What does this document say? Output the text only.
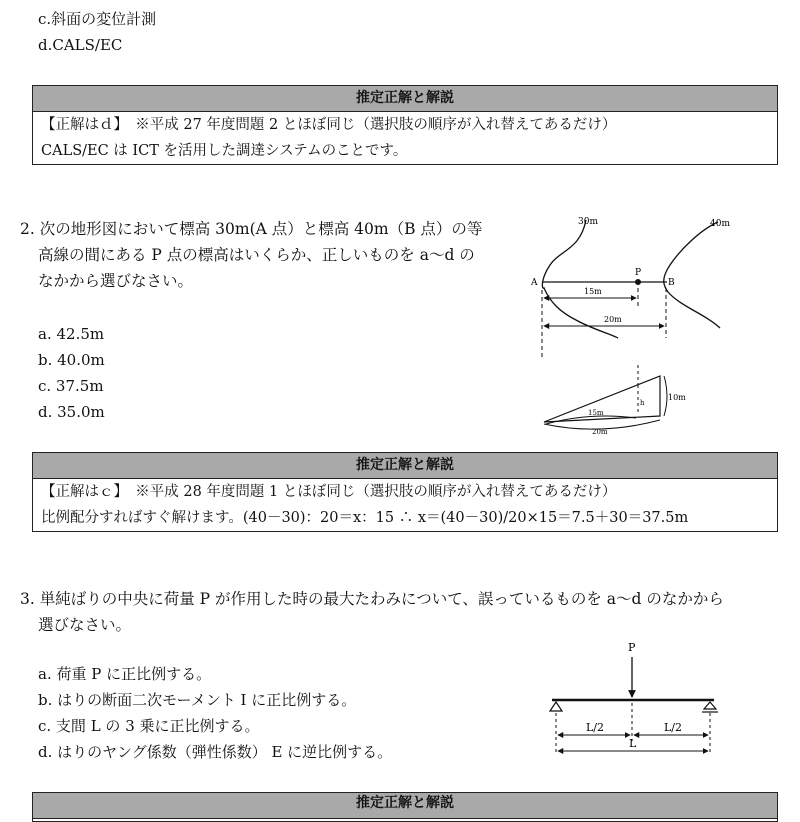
c.斜面の変位計測
d.CALS/EC
推定正解と解説
【正解はｄ】　※平成 27 年度問題 2 とほぼ同じ（選択肢の順序が入れ替えてあるだけ）
CALS/EC は ICT を活用した調達システムのことです。
2. 次の地形図において標高 30m(A 点）と標高 40m（B 点）の等
高線の間にある P 点の標高はいくらか、正しいものを a～d の
なかから選びなさい。
a. 42.5m
b. 40.0m
c. 37.5m
d. 35.0m
30m	40m
A
P
B
15m
20m
h
10m
15m
20m
推定正解と解説
【正解はｃ】　※平成 28 年度問題 1 とほぼ同じ（選択肢の順序が入れ替えてあるだけ）
比例配分すればすぐ解けます。(40－30)：20＝x：15 ∴ x＝(40－30)/20×15＝7.5＋30＝37.5m
3. 単純ばりの中央に荷量 P が作用した時の最大たわみについて、誤っているものを a～d のなかから
選びなさい。
a. 荷重 P に正比例する。
b. はりの断面二次モーメント I に正比例する。
c. 支間 L の 3 乗に正比例する。
d. はりのヤング係数（弾性係数） E に逆比例する。
P
L/2	L/2
L
推定正解と解説
